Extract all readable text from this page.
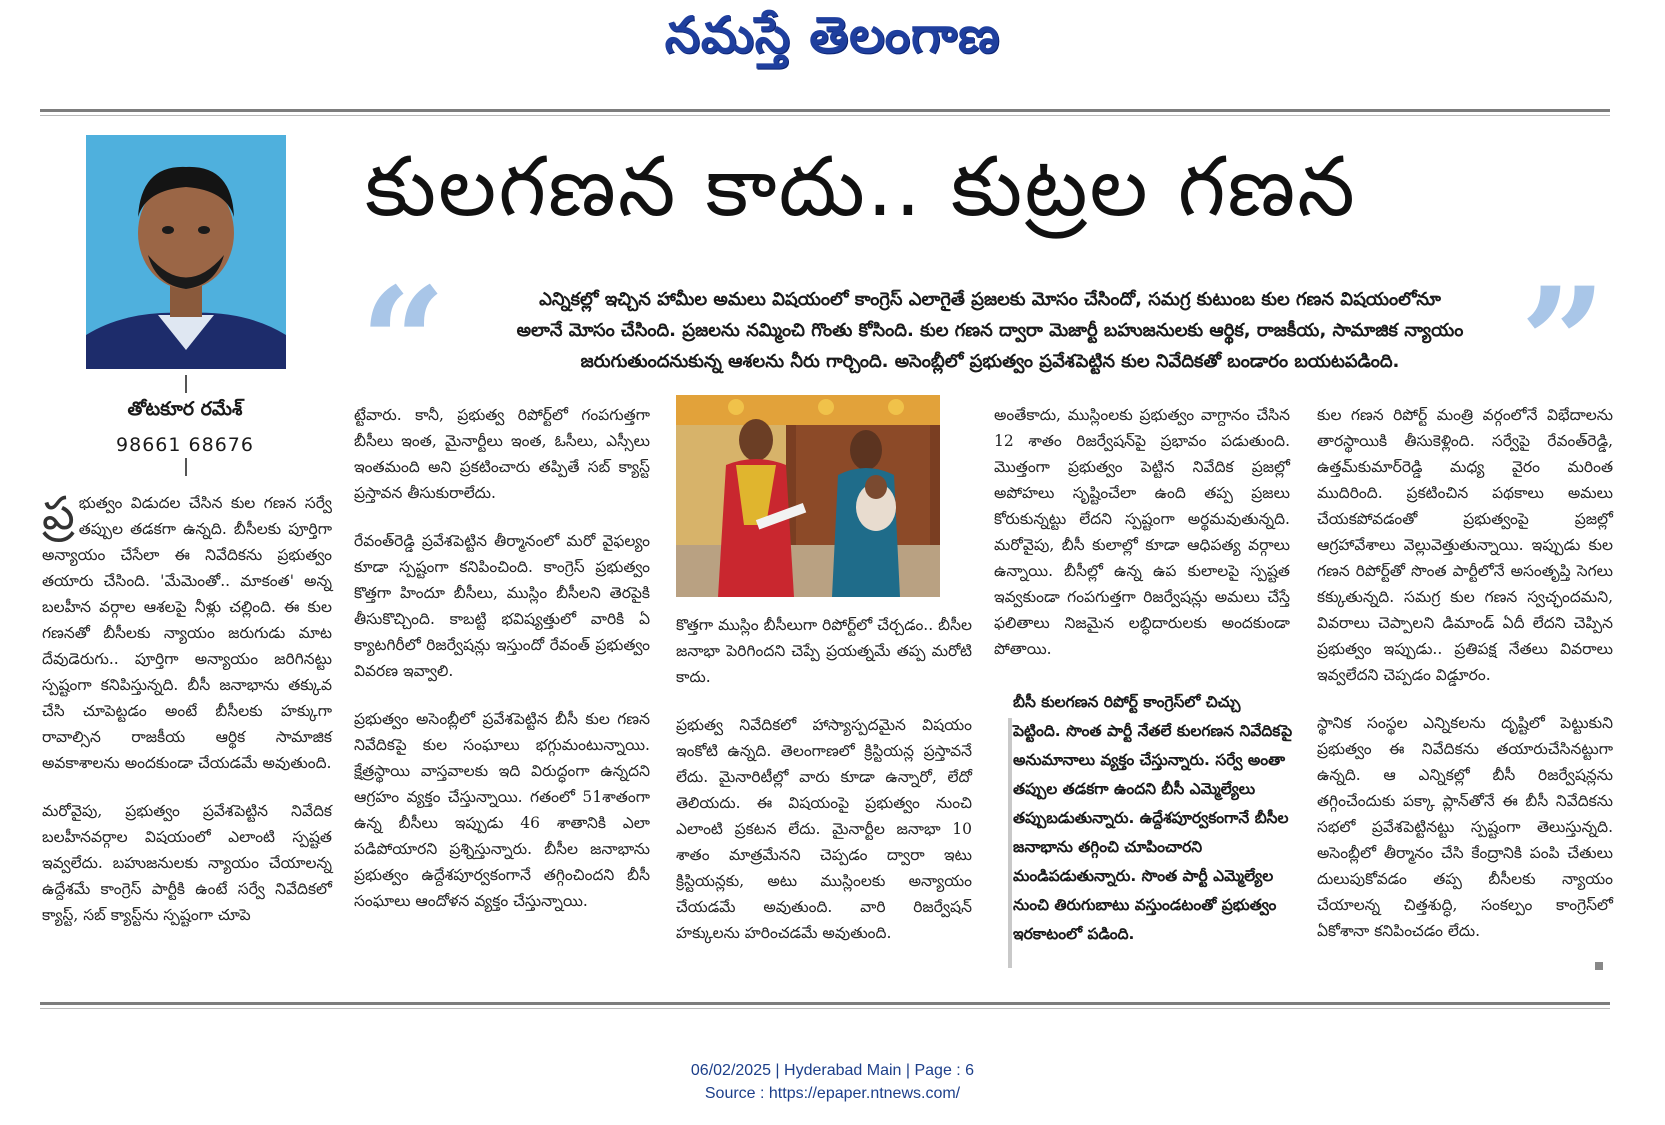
నమస్తే తెలంగాణ
తోటకూర రమేశ్
98661 68676
కులగణన కాదు.. కుట్రల గణన
“	”

ఎన్నికల్లో ఇచ్చిన హామీల అమలు విషయంలో కాంగ్రెస్ ఎలాగైతే ప్రజలకు మోసం చేసిందో, సమగ్ర కుటుంబ కుల గణన విషయంలోనూ

అలానే మోసం చేసింది. ప్రజలను నమ్మించి గొంతు కోసింది. కుల గణన ద్వారా మెజార్టీ బహుజనులకు ఆర్థిక, రాజకీయ, సామాజిక న్యాయం

జరుగుతుందనుకున్న ఆశలను నీరు గార్చింది. అసెంబ్లీలో ప్రభుత్వం ప్రవేశపెట్టిన కుల నివేదికతో బండారం బయటపడింది.

ప్ర భుత్వం విడుదల చేసిన కుల గణన సర్వే తప్పుల తడకగా ఉన్నది. బీసీలకు పూర్తిగా అన్యాయం చేసేలా ఈ నివేదికను ప్రభుత్వం తయారు చేసింది. 'మేమెంతో.. మాకంత' అన్న బలహీన వర్గాల ఆశలపై నీళ్లు చల్లింది. ఈ కుల గణనతో బీసీలకు న్యాయం జరుగుడు మాట దేవుడెరుగు.. పూర్తిగా అన్యాయం జరిగినట్టు స్పష్టంగా కనిపిస్తున్నది. బీసీ జనాభాను తక్కువ చేసి చూపెట్టడం అంటే బీసీలకు హక్కుగా రావాల్సిన రాజకీయ ఆర్థిక సామాజిక అవకాశాలను అందకుండా చేయడమే అవుతుంది.

మరోవైపు, ప్రభుత్వం ప్రవేశపెట్టిన నివేదిక బలహీనవర్గాల విషయంలో ఎలాంటి స్పష్టత ఇవ్వలేదు. బహుజనులకు న్యాయం చేయాలన్న ఉద్దేశమే కాంగ్రెస్ పార్టీకి ఉంటే సర్వే నివేదికలో క్యాస్ట్, సబ్ క్యాస్ట్‌ను స్పష్టంగా చూపె

ట్టేవారు. కానీ, ప్రభుత్వ రిపోర్ట్‌లో గంపగుత్తగా బీసీలు ఇంత, మైనార్టీలు ఇంత, ఓసీలు, ఎస్సీలు ఇంతమంది అని ప్రకటించారు తప్పితే సబ్ క్యాస్ట్ ప్రస్తావన తీసుకురాలేదు.

రేవంత్‌రెడ్డి ప్రవేశపెట్టిన తీర్మానంలో మరో వైఫల్యం కూడా స్పష్టంగా కనిపించింది. కాంగ్రెస్ ప్రభుత్వం కొత్తగా హిందూ బీసీలు, ముస్లిం బీసీలని తెరపైకి తీసుకొచ్చింది. కాబట్టి భవిష్యత్తులో వారికి ఏ క్యాటగిరీలో రిజర్వేషన్లు ఇస్తుందో రేవంత్ ప్రభుత్వం వివరణ ఇవ్వాలి.

ప్రభుత్వం అసెంబ్లీలో ప్రవేశపెట్టిన బీసీ కుల గణన నివేదికపై కుల సంఘాలు భగ్గుమంటున్నాయి. క్షేత్రస్థాయి వాస్తవాలకు ఇది విరుద్ధంగా ఉన్నదని ఆగ్రహం వ్యక్తం చేస్తున్నాయి. గతంలో 51శాతంగా ఉన్న బీసీలు ఇప్పుడు 46 శాతానికి ఎలా పడిపోయారని ప్రశ్నిస్తున్నారు. బీసీల జనాభాను ప్రభుత్వం ఉద్దేశపూర్వకంగానే తగ్గించిందని బీసీ సంఘాలు ఆందోళన వ్యక్తం చేస్తున్నాయి.

కొత్తగా ముస్లిం బీసీలుగా రిపోర్ట్‌లో చేర్చడం.. బీసీల జనాభా పెరిగిందని చెప్పే ప్రయత్నమే తప్ప మరోటి కాదు.

ప్రభుత్వ నివేదికలో హాస్యాస్పదమైన విషయం ఇంకోటి ఉన్నది. తెలంగాణలో క్రిస్టియన్ల ప్రస్తావనే లేదు. మైనారిటీల్లో వారు కూడా ఉన్నారో, లేదో తెలియదు. ఈ విషయంపై ప్రభుత్వం నుంచి ఎలాంటి ప్రకటన లేదు. మైనార్టీల జనాభా 10 శాతం మాత్రమేనని చెప్పడం ద్వారా ఇటు క్రిస్టియన్లకు, అటు ముస్లింలకు అన్యాయం చేయడమే అవుతుంది. వారి రిజర్వేషన్ హక్కులను హరించడమే అవుతుంది.

అంతేకాదు, ముస్లింలకు ప్రభుత్వం వాగ్దానం చేసిన 12 శాతం రిజర్వేషన్‌పై ప్రభావం పడుతుంది. మొత్తంగా ప్రభుత్వం పెట్టిన నివేదిక ప్రజల్లో అపోహలు సృష్టించేలా ఉంది తప్ప ప్రజలు కోరుకున్నట్టు లేదని స్పష్టంగా అర్థమవుతున్నది. మరోవైపు, బీసీ కులాల్లో కూడా ఆధిపత్య వర్గాలు ఉన్నాయి. బీసీల్లో ఉన్న ఉప కులాలపై స్పష్టత ఇవ్వకుండా గంపగుత్తగా రిజర్వేషన్లు అమలు చేస్తే ఫలితాలు నిజమైన లబ్ధిదారులకు అందకుండా పోతాయి.

బీసీ కులగణన రిపోర్ట్ కాంగ్రెస్‌లో చిచ్చు పెట్టింది. సొంత పార్టీ నేతలే కులగణన నివేదికపై అనుమానాలు వ్యక్తం చేస్తున్నారు. సర్వే అంతా తప్పుల తడకగా ఉందని బీసీ ఎమ్మెల్యేలు తప్పుబడుతున్నారు. ఉద్దేశపూర్వకంగానే బీసీల జనాభాను తగ్గించి చూపించారని మండిపడుతున్నారు. సొంత పార్టీ ఎమ్మెల్యేల నుంచి తిరుగుబాటు వస్తుండటంతో ప్రభుత్వం ఇరకాటంలో పడింది.

కుల గణన రిపోర్ట్ మంత్రి వర్గంలోనే విభేదాలను తారస్థాయికి తీసుకెళ్లింది. సర్వేపై రేవంత్‌రెడ్డి, ఉత్తమ్‌కుమార్‌రెడ్డి మధ్య వైరం మరింత ముదిరింది. ప్రకటించిన పథకాలు అమలు చేయకపోవడంతో ప్రభుత్వంపై ప్రజల్లో ఆగ్రహావేశాలు వెల్లువెత్తుతున్నాయి. ఇప్పుడు కుల గణన రిపోర్ట్‌తో సొంత పార్టీలోనే అసంతృప్తి సెగలు కక్కుతున్నది. సమగ్ర కుల గణన స్వచ్ఛందమని, వివరాలు చెప్పాలని డిమాండ్ ఏదీ లేదని చెప్పిన ప్రభుత్వం ఇప్పుడు.. ప్రతిపక్ష నేతలు వివరాలు ఇవ్వలేదని చెప్పడం విడ్డూరం.

స్థానిక సంస్థల ఎన్నికలను దృష్టిలో పెట్టుకుని ప్రభుత్వం ఈ నివేదికను తయారుచేసినట్టుగా ఉన్నది. ఆ ఎన్నికల్లో బీసీ రిజర్వేషన్లను తగ్గించేందుకు పక్కా ప్లాన్‌తోనే ఈ బీసీ నివేదికను సభలో ప్రవేశపెట్టినట్టు స్పష్టంగా తెలుస్తున్నది. అసెంబ్లీలో తీర్మానం చేసి కేంద్రానికి పంపి చేతులు దులుపుకోవడం తప్ప బీసీలకు న్యాయం చేయాలన్న చిత్తశుద్ధి, సంకల్పం కాంగ్రెస్‌లో ఏకోశానా కనిపించడం లేదు.

06/02/2025 | Hyderabad Main | Page : 6
Source : https://epaper.ntnews.com/
